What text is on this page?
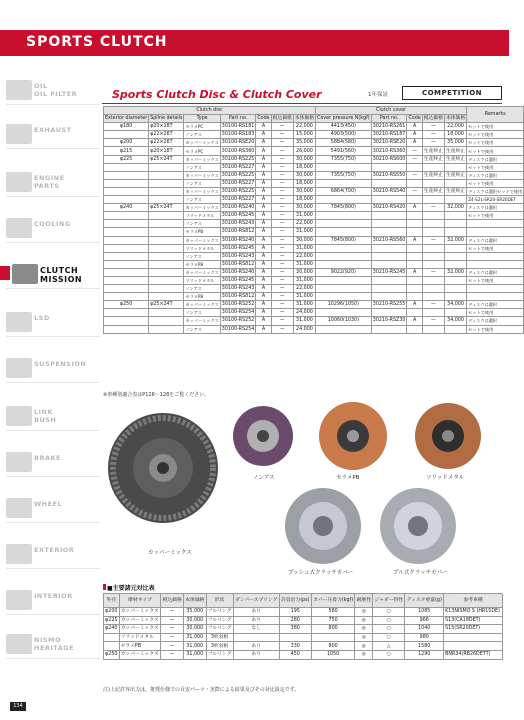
SPORTS CLUTCH
OIL
OIL FILTER
EXHAUST
ENGINE
PARTS
COOLING
CLUTCH
MISSION
LSD
SUSPENSION
LINK
BUSH
BRAKE
WHEEL
EXTERIOR
INTERIOR
NISMO
HERITAGE
Sports Clutch Disc & Clutch Cover	1年保証	COMPETITION
Clutch disc							Clutch cover					Remarks
Exterior diameter	Spline details	Type	Part no.	Code	税込価格	本体価格	Cover pressure N(kgf)	Part no.	Code	税込価格	本体価格	
φ180	φ20×18T	セラメPC	30100-RS181	A	—	22,000	4413(450)	30210-RS261	A	—	22,000	セットで使用
	φ22×26T	ノンアス	30100-RS183	A	—	15,000	4903(500)	30210-RS187	A	—	18,000	セットで使用
φ200	φ22×26T	カッパーミックス	30100-RSE20	A	—	35,000	5884(580)	30210-RSE20	A	—	35,000	セットで使用
φ215	φ20×18T	セラメPC	30100-RS360	A	—	26,000	5491(560)	30210-RS360	—	生産終止	生産終止	セットで使用
φ225	φ25×24T	カッパーミックス	30100-RS225	A	—	30,000	7355(750)	30210-RS600	—	生産終止	生産終止	ディスクは選択
		ノンアス	30100-RS227	A	—	18,000						セットで使用
		カッパーミックス	30100-RS225	A	—	30,000	7355(750)	30210-RS550	—	生産終止	生産終止	ディスクは選択
		ノンアス	30100-RS227	A	—	18,000						セットで使用
		カッパーミックス	30100-RS225	A	—	30,000	6864(700)	30210-RS540	—	生産終止	生産終止	ディスクは選択セットで使用
		ノンアス	30100-RS227	A	—	18,000						Z4-S2L-SR20-SR20DET
φ240	φ25×24T	カッパーミックス	30100-RS240	A	—	30,000	7845(800)	30210-RS420	A	—	32,000	ディスクは選択
		ソリッドメタル	30100-RS245	A	—	31,000						セットで使用
		ノンアス	30100-RS243	A	—	22,000						
		セラメPB	30100-RS812	A	—	31,000						
		カッパーミックス	30100-RS240	A	—	30,000	7845(800)	30210-RS560	A	—	32,000	ディスクは選択
		ソリッドメタル	30100-RS245	A	—	31,000						セットで使用
		ノンアス	30100-RS243	A	—	22,000						
		セラメPB	30100-RS812	A	—	31,000						
		カッパーミックス	30100-RS240	A	—	30,000	9022(920)	30210-RS245	A	—	32,000	ディスクは選択
		ソリッドメタル	30100-RS245	A	—	31,000						セットで使用
		ノンアス	30100-RS243	A	—	22,000						
		セラメPB	30100-RS812	A	—	31,000						
φ250	φ25×24T	カッパーミックス	30100-RS252	A	—	31,000	10296(1050)	30210-RS255	A	—	34,000	ディスクは選択
		ノンアス	30100-RS254	A	—	24,000						セットで使用
		カッパーミックス	30100-RS252	A	—	31,000	10060(1030)	30210-RSZ30	A	—	34,000	ディスクは選択
		ノンアス	30100-RS254	A	—	24,000						セットで使用
※車種別適合表はP126～128をご覧ください。
ノンアス	セラメPB	ソリッドメタル
カッパーミックス
プッシュ式クラッチカバー	プル式クラッチカバー
■主要諸元対比表
外径	摩材タイプ	税込価格	本体価格	形状	ダンパースプリング	許容出力(ps)	カバー圧着力(kgf)	耐磨性	ジャダー特性	ディスク重量(g)	参考車種
φ200	カッパーミックス	—	35,000	フルリング	あり	195	580	◎	○	1085	K13NISMO S (HR15DE)
φ225	カッパーミックス	—	30,000	フルリング	あり	280	750	◎	○	966	S13(CA18DET)
φ240	カッパーミックス	—	30,000	フルリング	なし	380	800	◎	○	1040	S15(SR20DET)
	ソリッドメタル	—	31,000	3枚羽根				◎	○	980	
	セラメPB	—	31,000	3枚羽根	あり	330	800	◎	△	1580	
φ250	カッパーミックス	—	31,000	フルリング	あり	450	1050	◎	○	1290	BNR34(RB26DETT)
注)上記許容出力は、推奨仕様での目安パーツ・実際による結果及びその対比設定です。
134
